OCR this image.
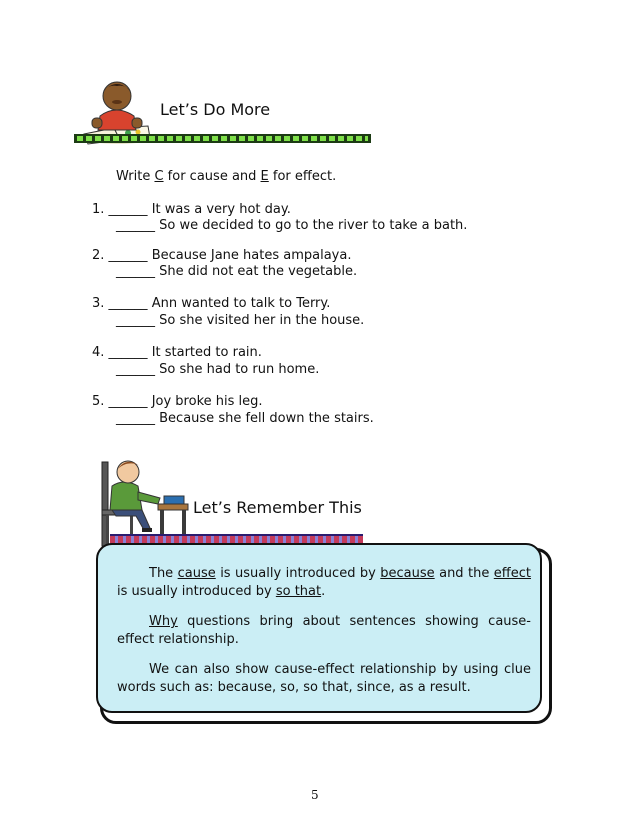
Let’s Do More
Write C for cause and E for effect.
1. ______ It was a very hot day.
______ So we decided to go to the river to take a bath.
2. ______ Because Jane hates ampalaya.
______ She did not eat the vegetable.
3. ______ Ann wanted to talk to Terry.
______ So she visited her in the house.
4. ______ It started to rain.
______ So she had to run home.
5. ______ Joy broke his leg.
______ Because she fell down the stairs.
Let’s Remember This
The cause is usually introduced by because and the effect is usually introduced by so that.
Why questions bring about sentences showing cause-effect relationship.
We can also show cause-effect relationship by using clue words such as: because, so, so that, since, as a result.
5
